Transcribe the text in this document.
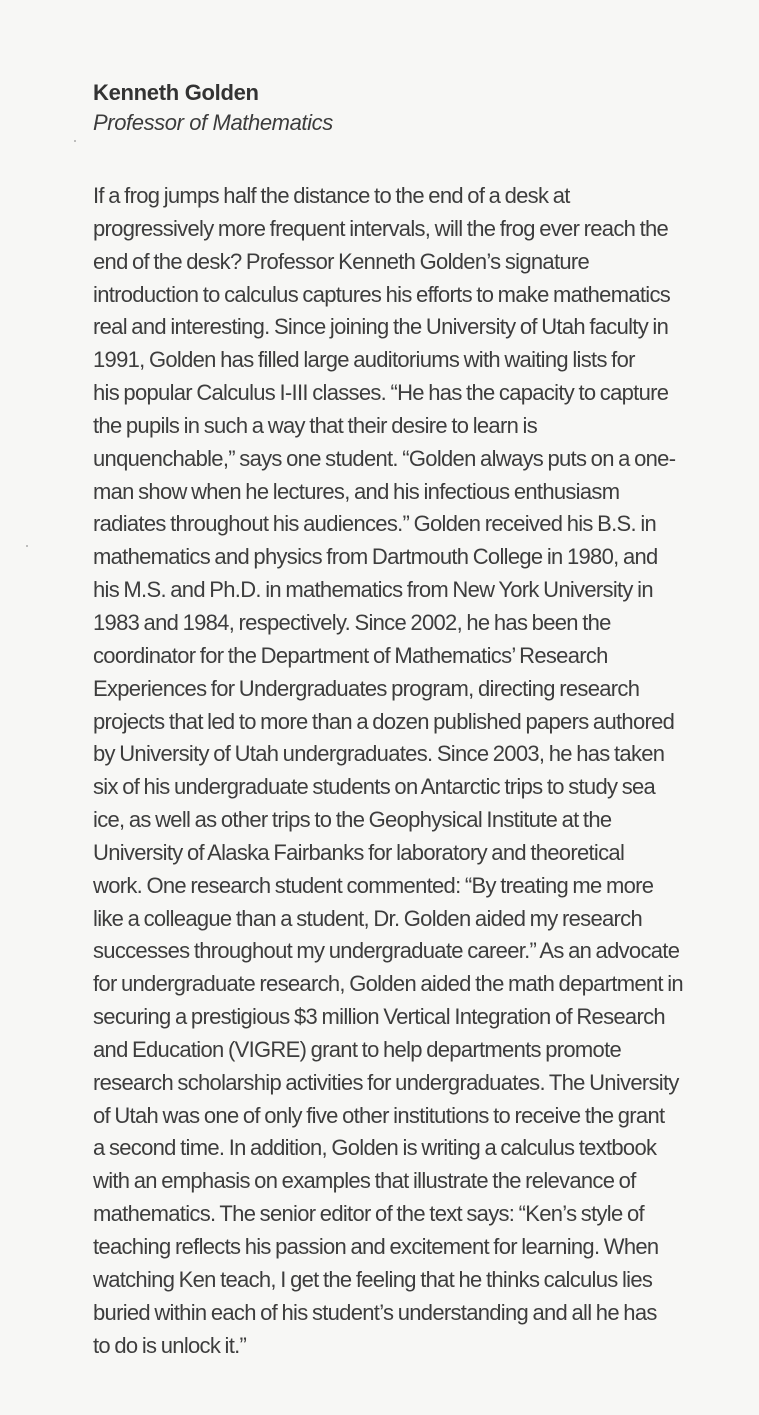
Kenneth Golden
Professor of Mathematics
If a frog jumps half the distance to the end of a desk at
progressively more frequent intervals, will the frog ever reach the
end of the desk? Professor Kenneth Golden’s signature
introduction to calculus captures his efforts to make mathematics
real and interesting. Since joining the University of Utah faculty in
1991, Golden has filled large auditoriums with waiting lists for
his popular Calculus I-III classes. “He has the capacity to capture
the pupils in such a way that their desire to learn is
unquenchable,” says one student. “Golden always puts on a one-
man show when he lectures, and his infectious enthusiasm
radiates throughout his audiences.” Golden received his B.S. in
mathematics and physics from Dartmouth College in 1980, and
his M.S. and Ph.D. in mathematics from New York University in
1983 and 1984, respectively. Since 2002, he has been the
coordinator for the Department of Mathematics’ Research
Experiences for Undergraduates program, directing research
projects that led to more than a dozen published papers authored
by University of Utah undergraduates. Since 2003, he has taken
six of his undergraduate students on Antarctic trips to study sea
ice, as well as other trips to the Geophysical Institute at the
University of Alaska Fairbanks for laboratory and theoretical
work. One research student commented: “By treating me more
like a colleague than a student, Dr. Golden aided my research
successes throughout my undergraduate career.” As an advocate
for undergraduate research, Golden aided the math department in
securing a prestigious $3 million Vertical Integration of Research
and Education (VIGRE) grant to help departments promote
research scholarship activities for undergraduates. The University
of Utah was one of only five other institutions to receive the grant
a second time. In addition, Golden is writing a calculus textbook
with an emphasis on examples that illustrate the relevance of
mathematics. The senior editor of the text says: “Ken’s style of
teaching reflects his passion and excitement for learning. When
watching Ken teach, I get the feeling that he thinks calculus lies
buried within each of his student’s understanding and all he has
to do is unlock it.”
